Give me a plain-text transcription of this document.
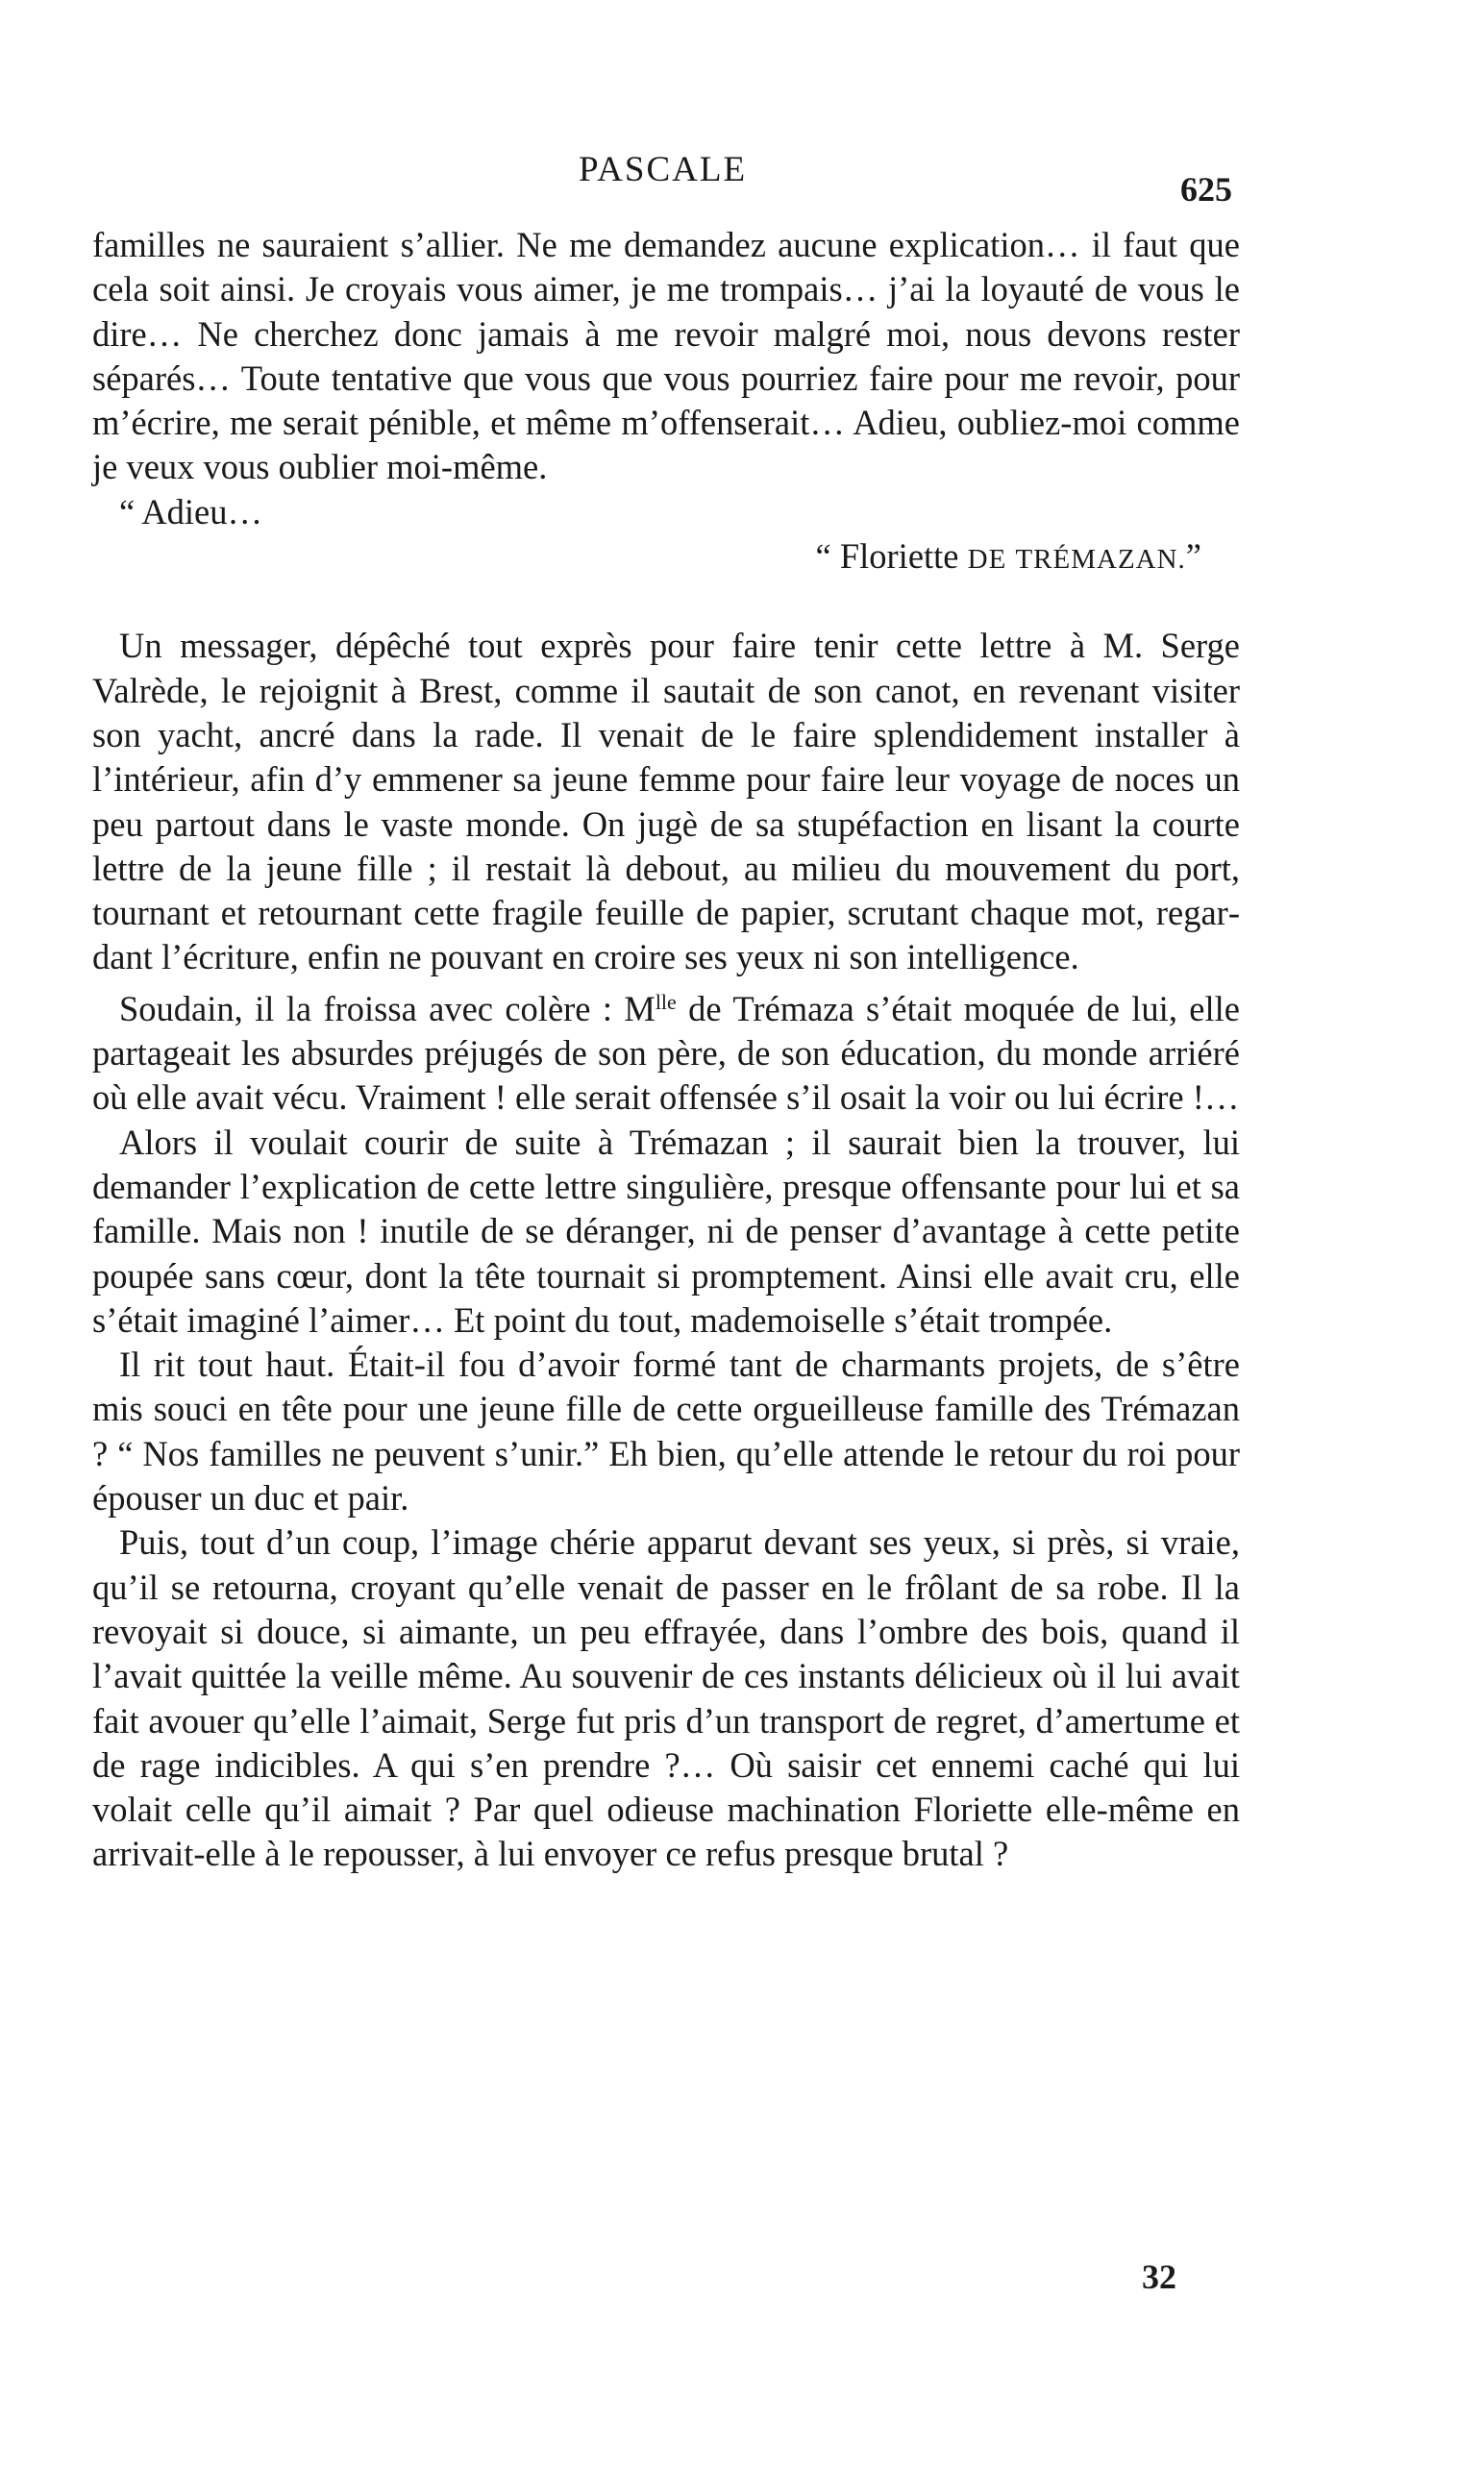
PASCALE	625

familles ne sauraient s’allier. Ne me demandez aucune explication… il faut que cela soit ainsi. Je croyais vous aimer, je me trompais… j’ai la loyauté de vous le dire… Ne cherchez donc jamais à me revoir malgré moi, nous devons rester séparés… Toute tentative que vous que vous pourriez faire pour me revoir, pour m’écrire, me serait pénible, et même m’offenserait… Adieu, oubliez-moi comme je veux vous oublier moi-même.

“ Adieu…

“ Floriette DE TRÉMAZAN.”

Un messager, dépêché tout exprès pour faire tenir cette lettre à M. Serge Valrède, le rejoignit à Brest, comme il sautait de son canot, en revenant visiter son yacht, ancré dans la rade. Il venait de le faire splendidement installer à l’intérieur, afin d’y emmener sa jeune femme pour faire leur voyage de noces un peu partout dans le vaste monde. On jugè de sa stupéfaction en lisant la courte lettre de la jeune fille ; il restait là debout, au milieu du mouvement du port, tournant et retournant cette fragile feuille de papier, scrutant chaque mot, regardant l’écriture, enfin ne pouvant en croire ses yeux ni son intelligence.

Soudain, il la froissa avec colère : $M^{lle}$ de Trémaza s’était moquée de lui, elle partageait les absurdes préjugés de son père, de son éducation, du monde arriéré où elle avait vécu. Vraiment ! elle serait offensée s’il osait la voir ou lui écrire !…

Alors il voulait courir de suite à Trémazan ; il saurait bien la trouver, lui demander l’explication de cette lettre singulière, presque offensante pour lui et sa famille. Mais non ! inutile de se déranger, ni de penser d’avantage à cette petite poupée sans cœur, dont la tête tournait si promptement. Ainsi elle avait cru, elle s’était imaginé l’aimer… Et point du tout, mademoiselle s’était trompée.

Il rit tout haut. Était-il fou d’avoir formé tant de charmants projets, de s’être mis souci en tête pour une jeune fille de cette orgueilleuse famille des Trémazan ? “ Nos familles ne peuvent s’unir.” Eh bien, qu’elle attende le retour du roi pour épouser un duc et pair.

Puis, tout d’un coup, l’image chérie apparut devant ses yeux, si près, si vraie, qu’il se retourna, croyant qu’elle venait de passer en le frôlant de sa robe. Il la revoyait si douce, si aimante, un peu effrayée, dans l’ombre des bois, quand il l’avait quittée la veille même. Au souvenir de ces instants délicieux où il lui avait fait avouer qu’elle l’aimait, Serge fut pris d’un transport de regret, d’amertume et de rage indicibles. A qui s’en prendre ?… Où saisir cet ennemi caché qui lui volait celle qu’il aimait ? Par quel odieuse machination Floriette elle-même en arrivait-elle à le repousser, à lui envoyer ce refus presque brutal ?

32
